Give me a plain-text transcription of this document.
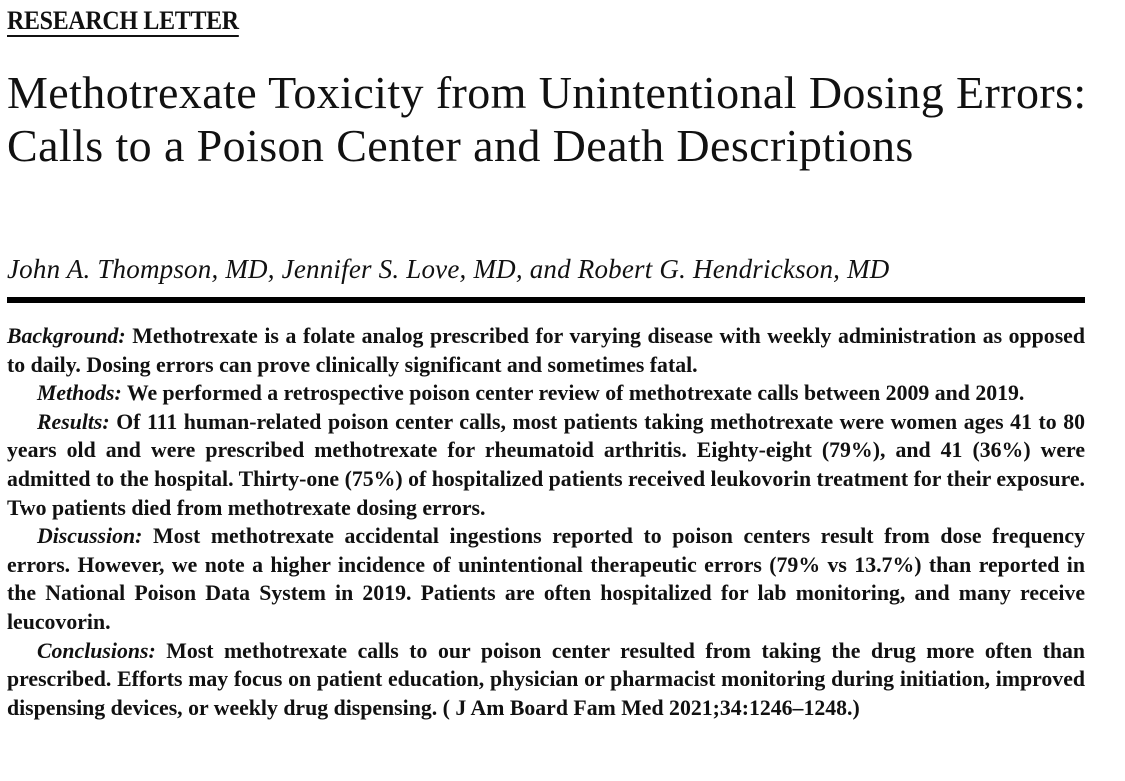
RESEARCH LETTER
Methotrexate Toxicity from Unintentional Dosing Errors: Calls to a Poison Center and Death Descriptions
John A. Thompson, MD, Jennifer S. Love, MD, and Robert G. Hendrickson, MD

Background: Methotrexate is a folate analog prescribed for varying disease with weekly administration as opposed to daily. Dosing errors can prove clinically significant and sometimes fatal.

Methods: We performed a retrospective poison center review of methotrexate calls between 2009 and 2019.

Results: Of 111 human-related poison center calls, most patients taking methotrexate were women ages 41 to 80 years old and were prescribed methotrexate for rheumatoid arthritis. Eighty-eight (79%), and 41 (36%) were admitted to the hospital. Thirty-one (75%) of hospitalized patients received leukovorin treatment for their exposure. Two patients died from methotrexate dosing errors.

Discussion: Most methotrexate accidental ingestions reported to poison centers result from dose frequency errors. However, we note a higher incidence of unintentional therapeutic errors (79% vs 13.7%) than reported in the National Poison Data System in 2019. Patients are often hospitalized for lab monitoring, and many receive leucovorin.

Conclusions: Most methotrexate calls to our poison center resulted from taking the drug more often than prescribed. Efforts may focus on patient education, physician or pharmacist monitoring during initiation, improved dispensing devices, or weekly drug dispensing. ( J Am Board Fam Med 2021;34:1246–1248.)
